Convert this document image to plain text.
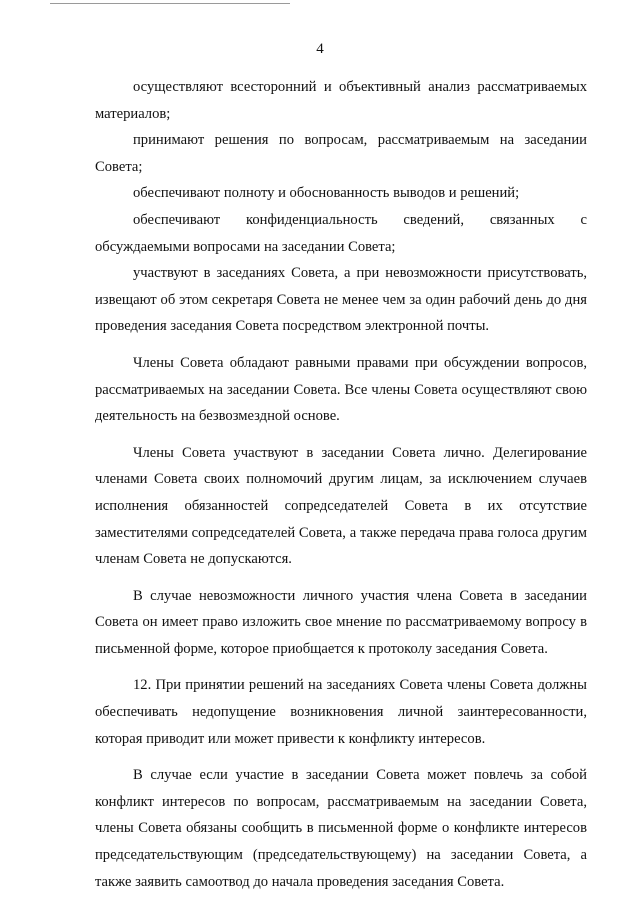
4

осуществляют всесторонний и объективный анализ рассматриваемых материалов;

принимают решения по вопросам, рассматриваемым на заседании Совета;

обеспечивают полноту и обоснованность выводов и решений;

обеспечивают конфиденциальность сведений, связанных с обсуждаемыми вопросами на заседании Совета;

участвуют в заседаниях Совета, а при невозможности присутствовать, извещают об этом секретаря Совета не менее чем за один рабочий день до дня проведения заседания Совета посредством электронной почты.

Члены Совета обладают равными правами при обсуждении вопросов, рассматриваемых на заседании Совета. Все члены Совета осуществляют свою деятельность на безвозмездной основе.

Члены Совета участвуют в заседании Совета лично. Делегирование членами Совета своих полномочий другим лицам, за исключением случаев исполнения обязанностей сопредседателей Совета в их отсутствие заместителями сопредседателей Совета, а также передача права голоса другим членам Совета не допускаются.

В случае невозможности личного участия члена Совета в заседании Совета он имеет право изложить свое мнение по рассматриваемому вопросу в письменной форме, которое приобщается к протоколу заседания Совета.

12. При принятии решений на заседаниях Совета члены Совета должны обеспечивать недопущение возникновения личной заинтересованности, которая приводит или может привести к конфликту интересов.

В случае если участие в заседании Совета может повлечь за собой конфликт интересов по вопросам, рассматриваемым на заседании Совета, члены Совета обязаны сообщить в письменной форме о конфликте интересов председательствующим (председательствующему) на заседании Совета, а также заявить самоотвод до начала проведения заседания Совета.
